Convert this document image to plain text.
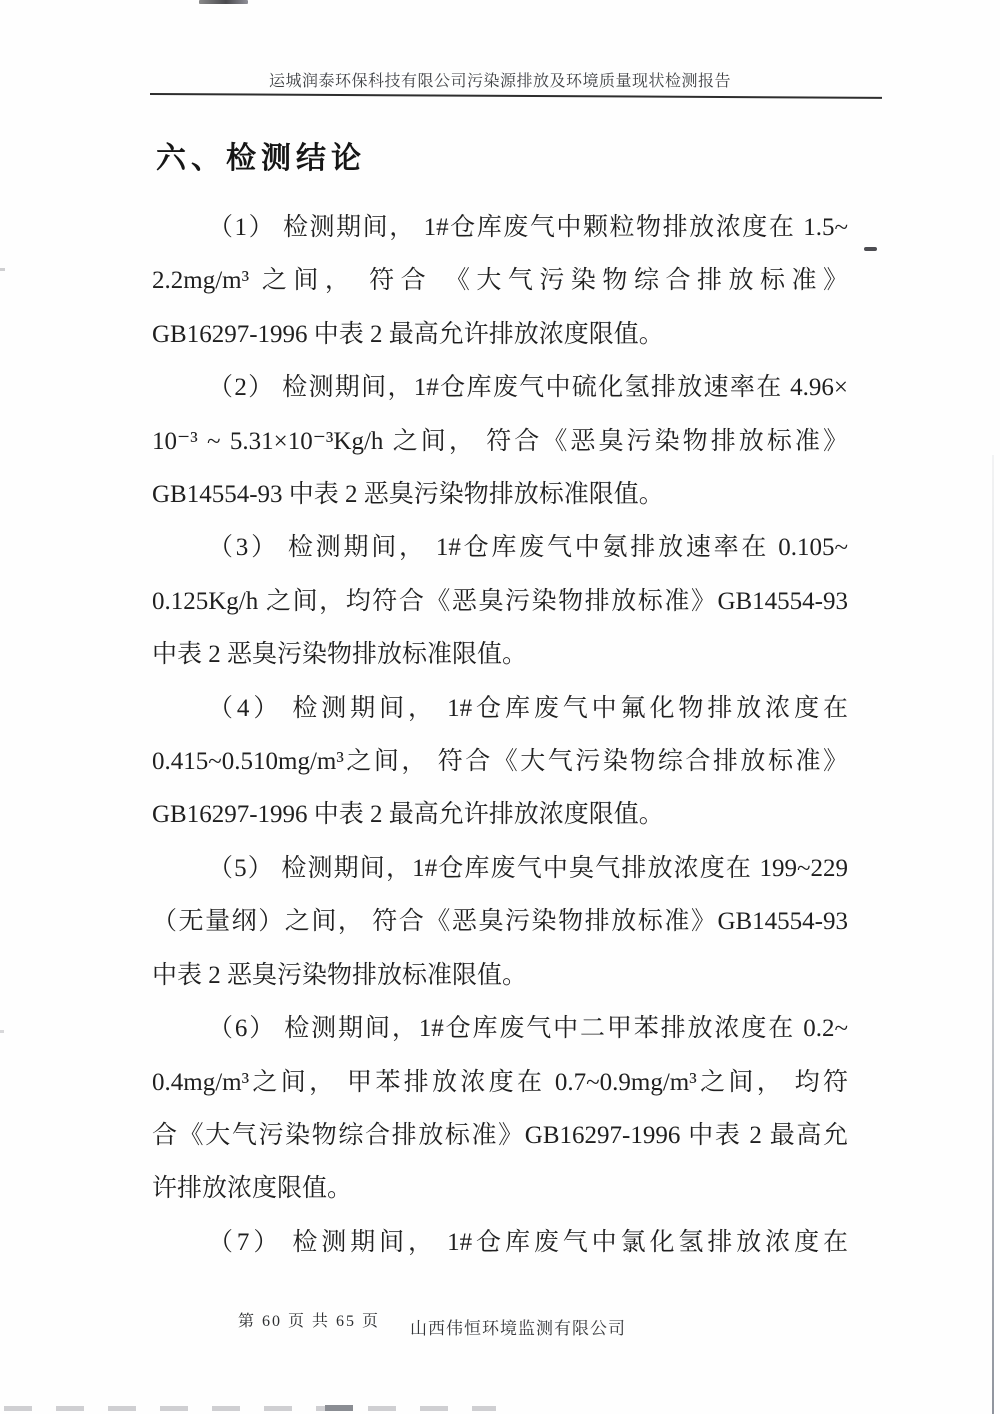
运城润泰环保科技有限公司污染源排放及环境质量现状检测报告
六、检测结论
（1） 检测期间， 1#仓库废气中颗粒物排放浓度在 1.5~
2.2mg/m³ 之间， 符合 《大气污染物综合排放标准》
GB16297-1996 中表 2 最高允许排放浓度限值。
（2） 检测期间，1#仓库废气中硫化氢排放速率在 4.96×
10⁻³ ~ 5.31×10⁻³Kg/h 之间， 符合《恶臭污染物排放标准》
GB14554-93 中表 2 恶臭污染物排放标准限值。
（3） 检测期间， 1#仓库废气中氨排放速率在 0.105~
0.125Kg/h 之间，均符合《恶臭污染物排放标准》GB14554-93
中表 2 恶臭污染物排放标准限值。
（4） 检测期间， 1#仓库废气中氟化物排放浓度在
0.415~0.510mg/m³之间， 符合《大气污染物综合排放标准》
GB16297-1996 中表 2 最高允许排放浓度限值。
（5） 检测期间，1#仓库废气中臭气排放浓度在 199~229
（无量纲）之间， 符合《恶臭污染物排放标准》GB14554-93
中表 2 恶臭污染物排放标准限值。
（6） 检测期间，1#仓库废气中二甲苯排放浓度在 0.2~
0.4mg/m³之间， 甲苯排放浓度在 0.7~0.9mg/m³之间， 均符
合《大气污染物综合排放标准》GB16297-1996 中表 2 最高允
许排放浓度限值。
（7） 检测期间， 1#仓库废气中氯化氢排放浓度在
第 60 页 共 65 页 山西伟恒环境监测有限公司
